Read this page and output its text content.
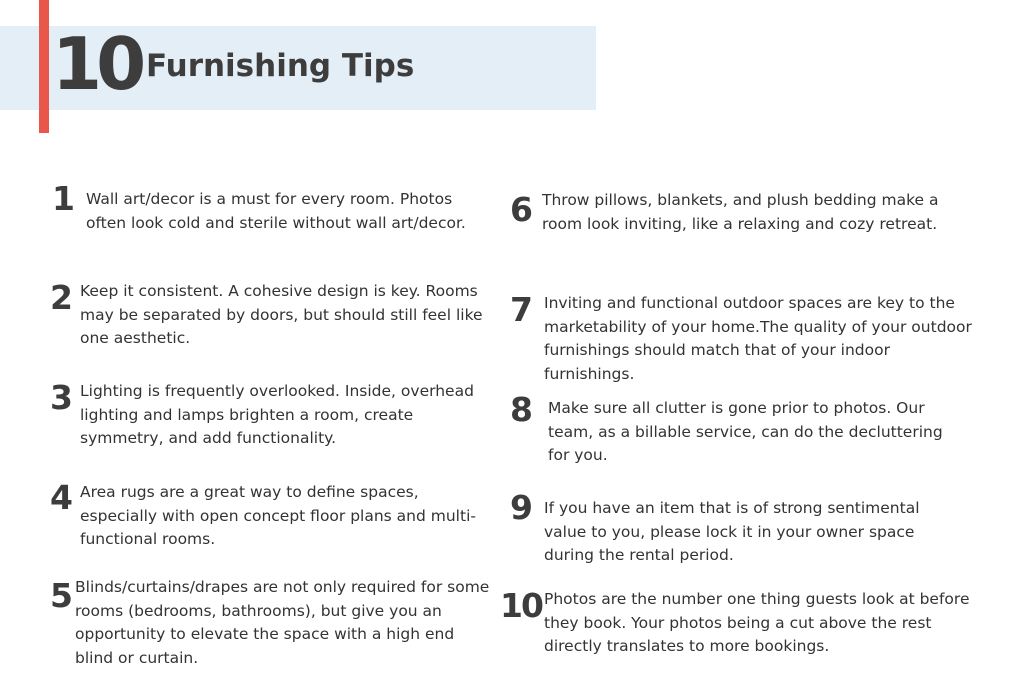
10 Furnishing Tips
1 Wall art/decor is a must for every room. Photos often look cold and sterile without wall art/decor.
2 Keep it consistent. A cohesive design is key. Rooms may be separated by doors, but should still feel like one aesthetic.
3 Lighting is frequently overlooked. Inside, overhead lighting and lamps brighten a room, create symmetry, and add functionality.
4 Area rugs are a great way to define spaces, especially with open concept floor plans and multi-functional rooms.
5 Blinds/curtains/drapes are not only required for some rooms (bedrooms, bathrooms), but give you an opportunity to elevate the space with a high end blind or curtain.
6 Throw pillows, blankets, and plush bedding make a room look inviting, like a relaxing and cozy retreat.
7 Inviting and functional outdoor spaces are key to the marketability of your home.The quality of your outdoor furnishings should match that of your indoor furnishings.
8 Make sure all clutter is gone prior to photos. Our team, as a billable service, can do the decluttering for you.
9 If you have an item that is of strong sentimental value to you, please lock it in your owner space during the rental period.
10 Photos are the number one thing guests look at before they book. Your photos being a cut above the rest directly translates to more bookings.
